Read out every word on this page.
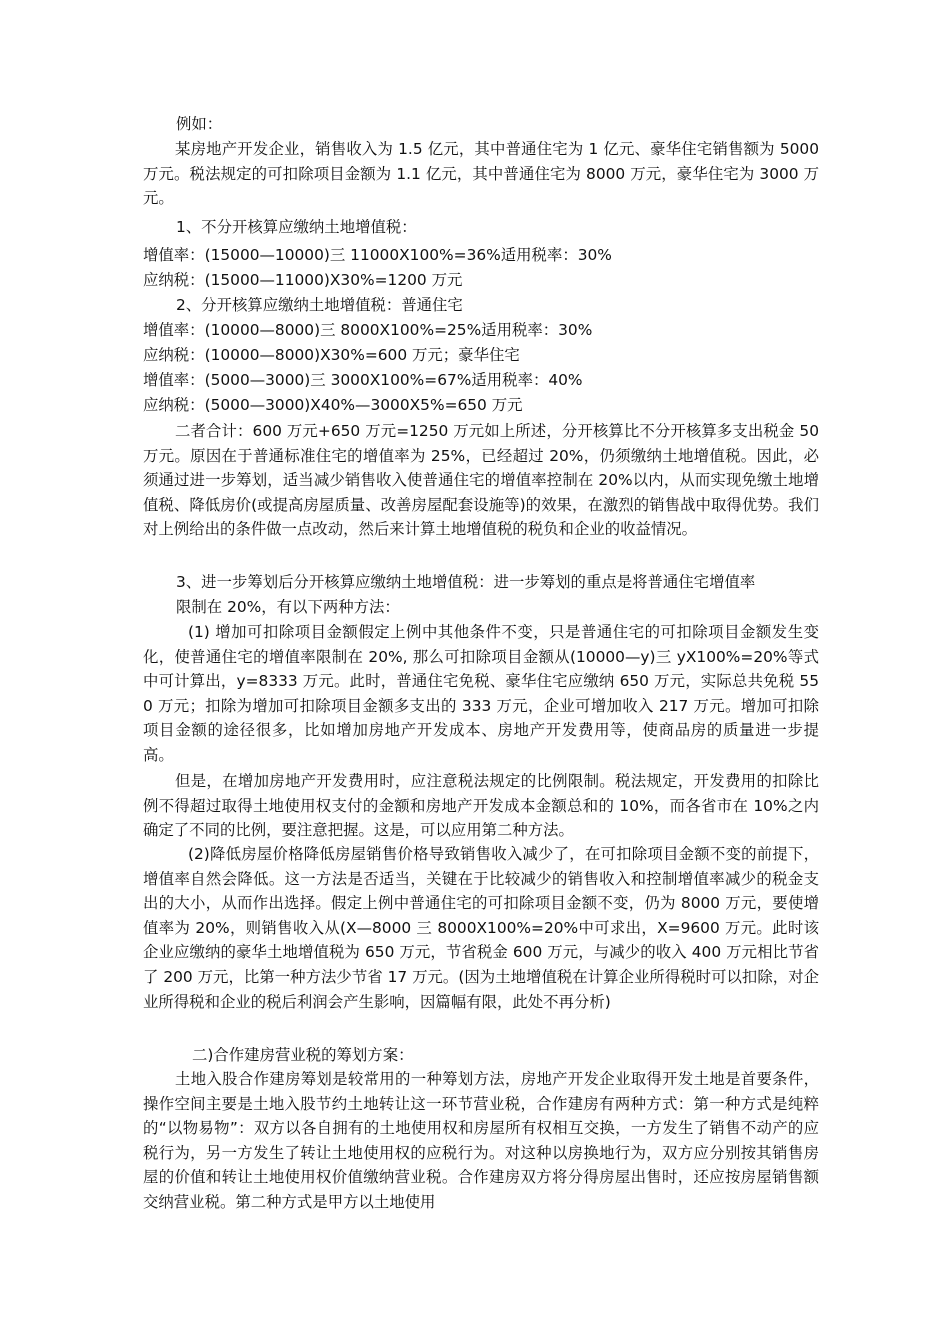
例如：
某房地产开发企业，销售收入为 1.5 亿元，其中普通住宅为 1 亿元、豪华住宅销售额为 5000 万元。税法规定的可扣除项目金额为 1.1 亿元，其中普通住宅为 8000 万元，豪华住宅为 3000 万元。
1、不分开核算应缴纳土地增值税：
增值率：(15000—10000)三 11000X100%=36%适用税率：30%
应纳税：(15000—11000)X30%=1200 万元
2、分开核算应缴纳土地增值税：普通住宅
增值率：(10000—8000)三 8000X100%=25%适用税率：30%
应纳税：(10000—8000)X30%=600 万元；豪华住宅
增值率：(5000—3000)三 3000X100%=67%适用税率：40%
应纳税：(5000—3000)X40%—3000X5%=650 万元
二者合计：600 万元+650 万元=1250 万元如上所述，分开核算比不分开核算多支出税金 50 万元。原因在于普通标准住宅的增值率为 25%，已经超过 20%，仍须缴纳土地增值税。因此，必须通过进一步筹划，适当减少销售收入使普通住宅的增值率控制在 20%以内，从而实现免缴土地增值税、降低房价(或提高房屋质量、改善房屋配套设施等)的效果，在激烈的销售战中取得优势。我们对上例给出的条件做一点改动，然后来计算土地增值税的税负和企业的收益情况。
3、进一步筹划后分开核算应缴纳土地增值税：进一步筹划的重点是将普通住宅增值率
限制在 20%，有以下两种方法：
(1) 增加可扣除项目金额假定上例中其他条件不变，只是普通住宅的可扣除项目金额发生变化，使普通住宅的增值率限制在 20%, 那么可扣除项目金额从(10000—y)三 yX100%=20%等式中可计算出，y=8333 万元。此时，普通住宅免税、豪华住宅应缴纳 650 万元，实际总共免税 550 万元；扣除为增加可扣除项目金额多支出的 333 万元，企业可增加收入 217 万元。增加可扣除项目金额的途径很多，比如增加房地产开发成本、房地产开发费用等，使商品房的质量进一步提高。
但是，在增加房地产开发费用时，应注意税法规定的比例限制。税法规定，开发费用的扣除比例不得超过取得土地使用权支付的金额和房地产开发成本金额总和的 10%，而各省市在 10%之内确定了不同的比例，要注意把握。这是，可以应用第二种方法。
(2)降低房屋价格降低房屋销售价格导致销售收入减少了，在可扣除项目金额不变的前提下，增值率自然会降低。这一方法是否适当，关键在于比较减少的销售收入和控制增值率减少的税金支出的大小，从而作出选择。假定上例中普通住宅的可扣除项目金额不变，仍为 8000 万元，要使增值率为 20%，则销售收入从(X—8000 三 8000X100%=20%中可求出，X=9600 万元。此时该企业应缴纳的豪华土地增值税为 650 万元，节省税金 600 万元，与减少的收入 400 万元相比节省了 200 万元，比第一种方法少节省 17 万元。(因为土地增值税在计算企业所得税时可以扣除，对企业所得税和企业的税后利润会产生影响，因篇幅有限，此处不再分析)
二)合作建房营业税的筹划方案：
土地入股合作建房筹划是较常用的一种筹划方法，房地产开发企业取得开发土地是首要条件，操作空间主要是土地入股节约土地转让这一环节营业税，合作建房有两种方式：第一种方式是纯粹的“以物易物”：双方以各自拥有的土地使用权和房屋所有权相互交换，一方发生了销售不动产的应税行为，另一方发生了转让土地使用权的应税行为。对这种以房换地行为，双方应分别按其销售房屋的价值和转让土地使用权价值缴纳营业税。合作建房双方将分得房屋出售时，还应按房屋销售额交纳营业税。第二种方式是甲方以土地使用
